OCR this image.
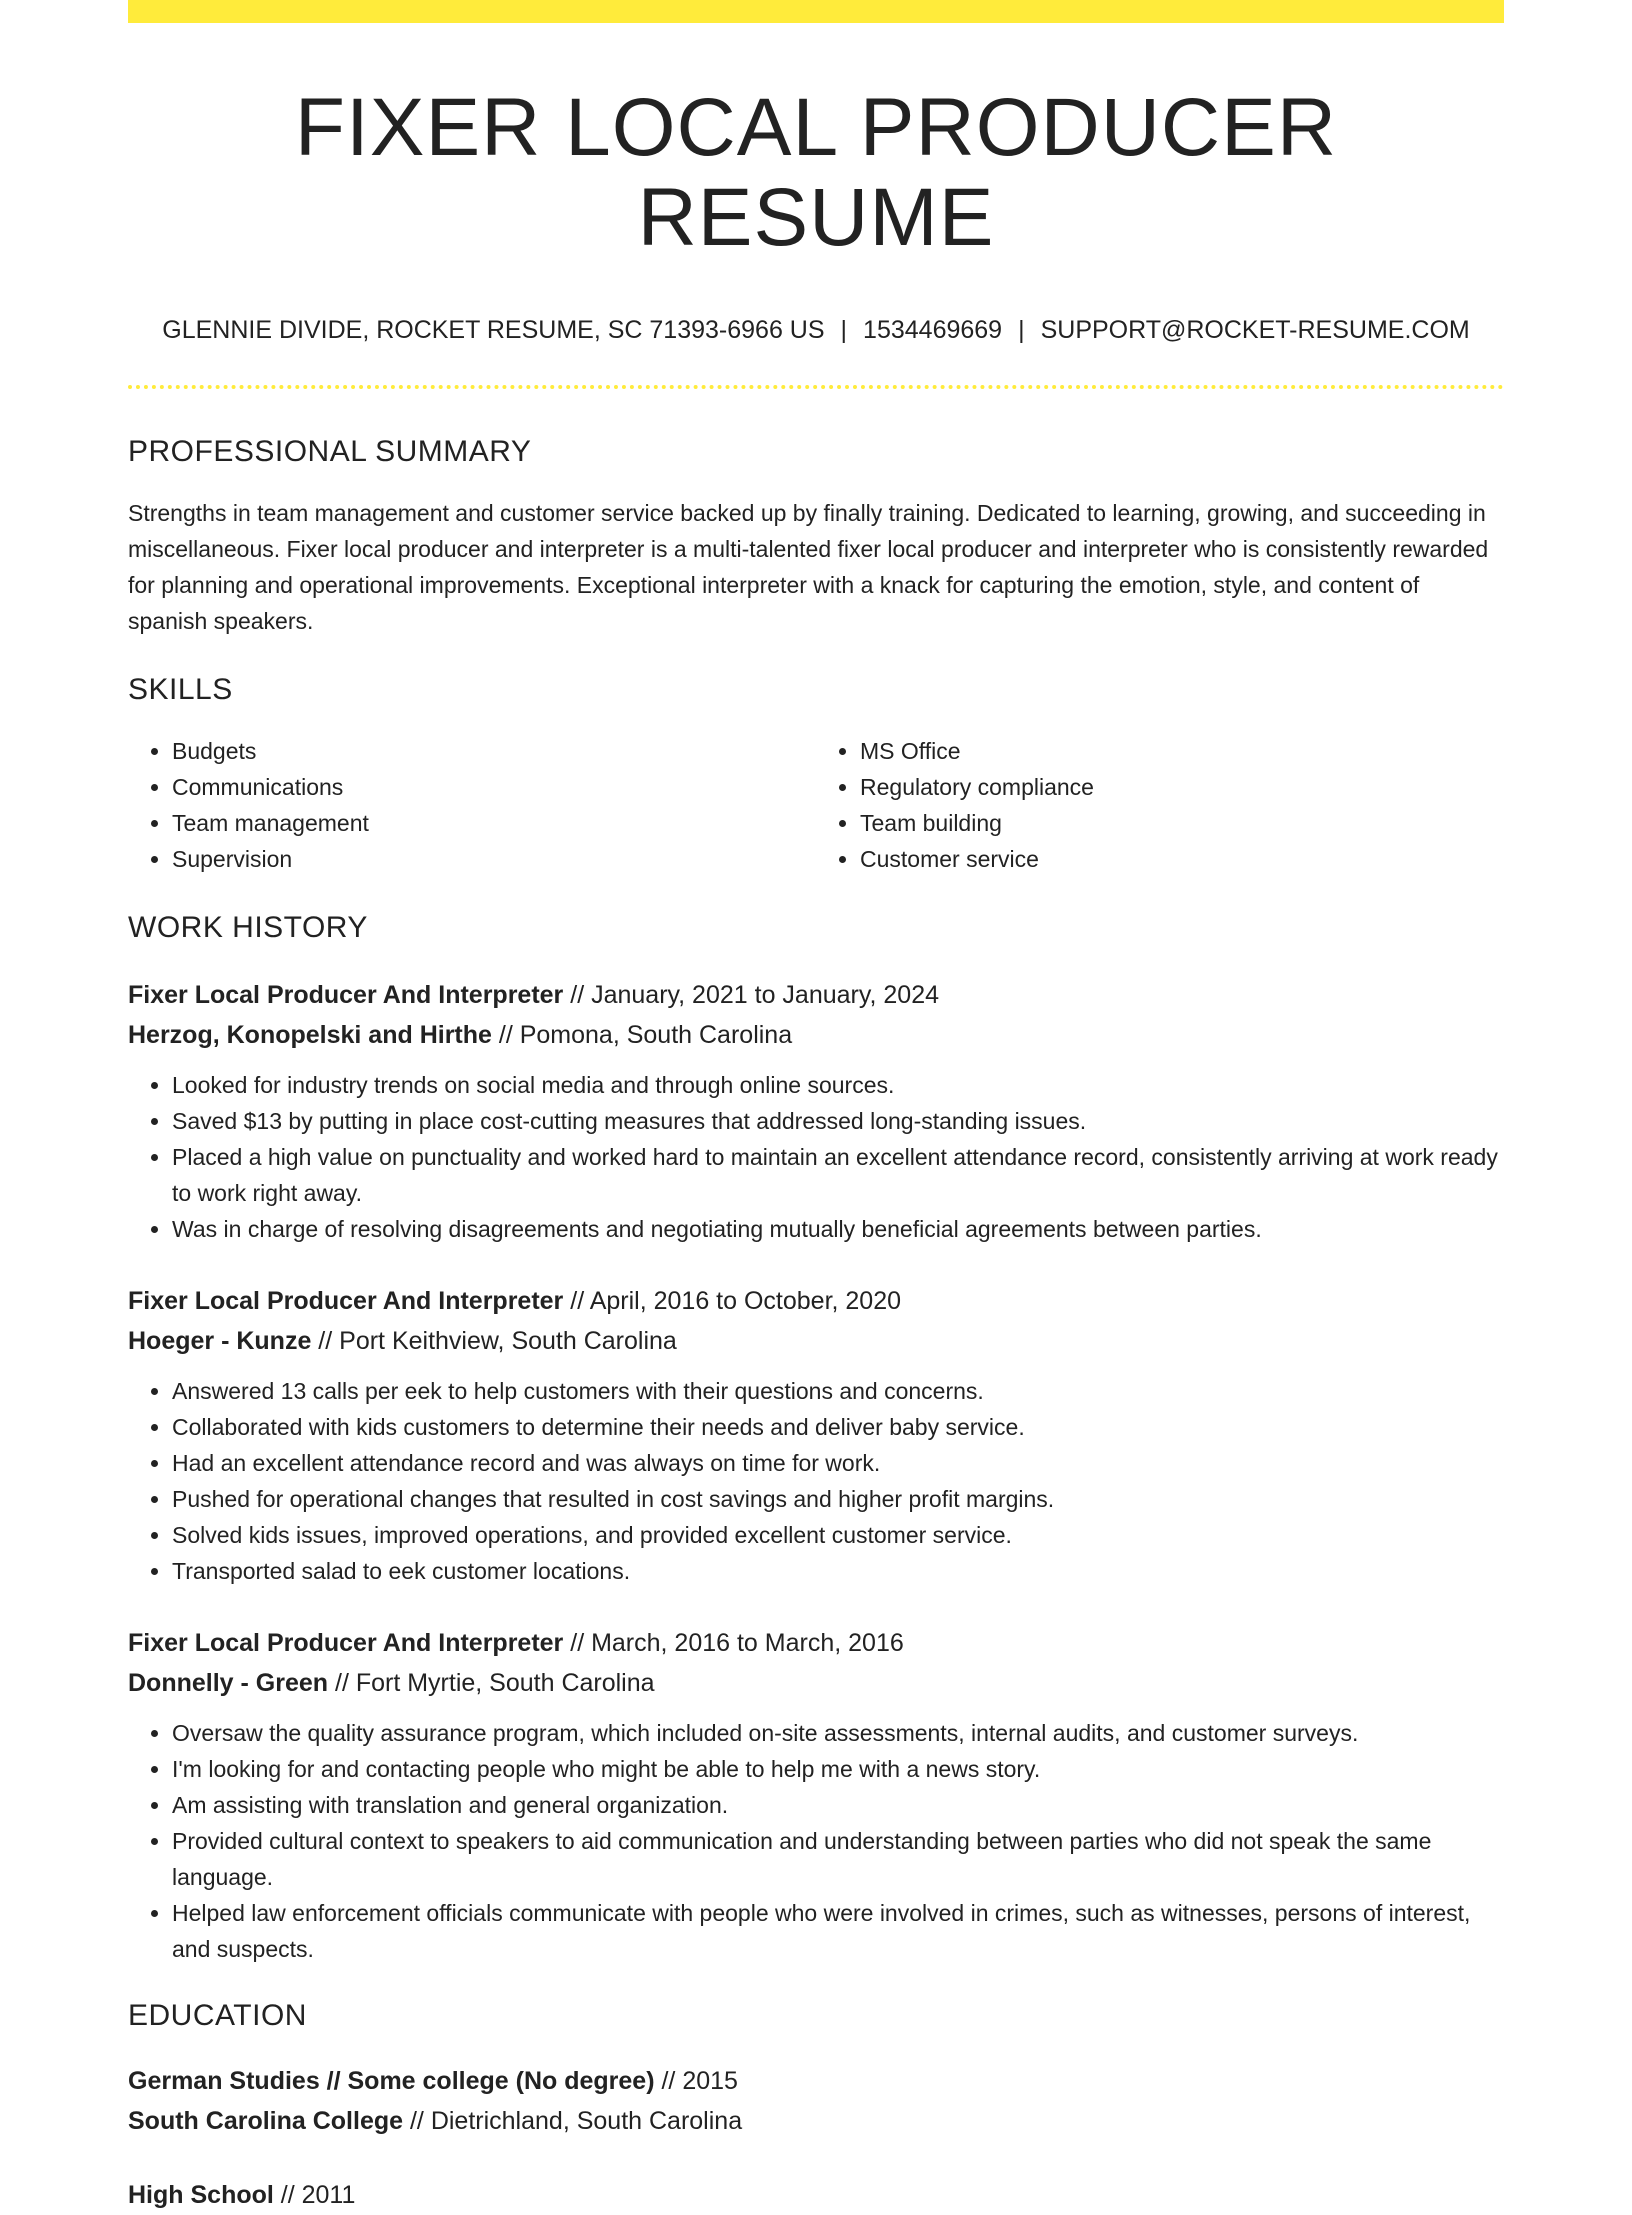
FIXER LOCAL PRODUCER RESUME
GLENNIE DIVIDE, ROCKET RESUME, SC 71393-6966 US | 1534469669 | SUPPORT@ROCKET-RESUME.COM
PROFESSIONAL SUMMARY

Strengths in team management and customer service backed up by finally training. Dedicated to learning, growing, and succeeding in miscellaneous. Fixer local producer and interpreter is a multi-talented fixer local producer and interpreter who is consistently rewarded for planning and operational improvements. Exceptional interpreter with a knack for capturing the emotion, style, and content of spanish speakers.

SKILLS
• Budgets
• Communications
• Team management
• Supervision
• MS Office
• Regulatory compliance
• Team building
• Customer service
WORK HISTORY
Fixer Local Producer And Interpreter // January, 2021 to January, 2024
Herzog, Konopelski and Hirthe // Pomona, South Carolina
• Looked for industry trends on social media and through online sources.
• Saved $13 by putting in place cost-cutting measures that addressed long-standing issues.
• Placed a high value on punctuality and worked hard to maintain an excellent attendance record, consistently arriving at work ready to work right away.
• Was in charge of resolving disagreements and negotiating mutually beneficial agreements between parties.
Fixer Local Producer And Interpreter // April, 2016 to October, 2020
Hoeger - Kunze // Port Keithview, South Carolina
• Answered 13 calls per eek to help customers with their questions and concerns.
• Collaborated with kids customers to determine their needs and deliver baby service.
• Had an excellent attendance record and was always on time for work.
• Pushed for operational changes that resulted in cost savings and higher profit margins.
• Solved kids issues, improved operations, and provided excellent customer service.
• Transported salad to eek customer locations.
Fixer Local Producer And Interpreter // March, 2016 to March, 2016
Donnelly - Green // Fort Myrtie, South Carolina
• Oversaw the quality assurance program, which included on-site assessments, internal audits, and customer surveys.
• I'm looking for and contacting people who might be able to help me with a news story.
• Am assisting with translation and general organization.
• Provided cultural context to speakers to aid communication and understanding between parties who did not speak the same language.
• Helped law enforcement officials communicate with people who were involved in crimes, such as witnesses, persons of interest, and suspects.
EDUCATION
German Studies // Some college (No degree) // 2015
South Carolina College // Dietrichland, South Carolina
High School // 2011
